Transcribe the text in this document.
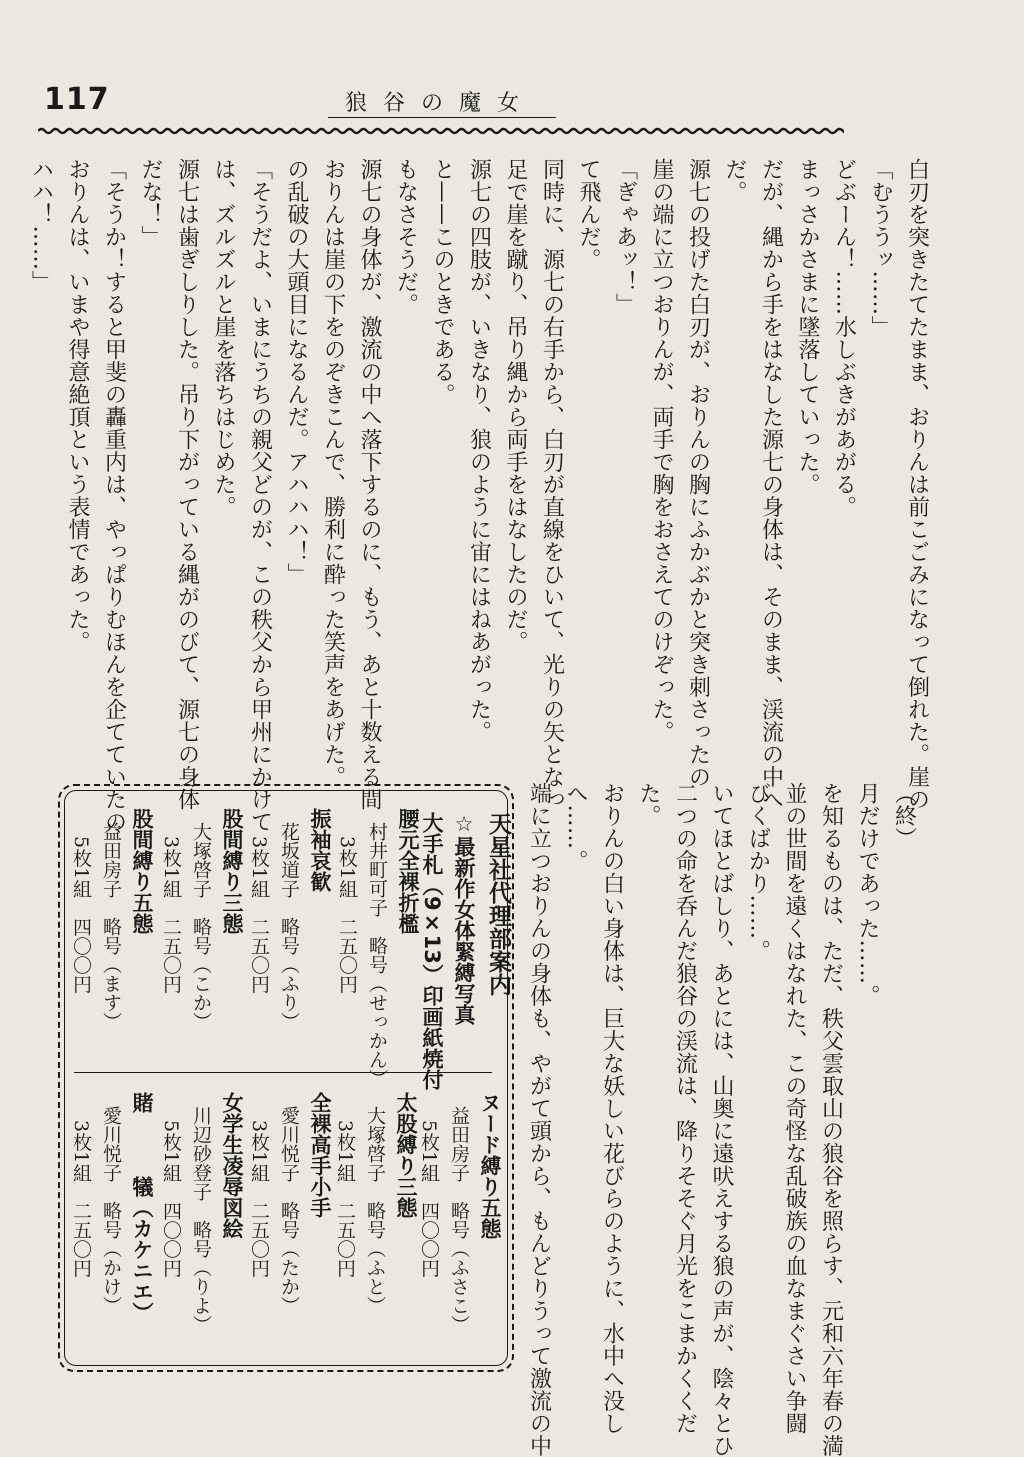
117	狼谷の魔女
白刃を突きたてたまま、おりんは前こごみになって倒れた。崖の
「むううッ……」
どぶーん！……水しぶきがあがる。
まっさかさまに墜落していった。
だが、縄から手をはなした源七の身体は、そのまま、渓流の中へ
だ。
源七の投げた白刃が、おりんの胸にふかぶかと突き刺さったの
崖の端に立つおりんが、両手で胸をおさえてのけぞった。
「ぎゃあッ！」
て飛んだ。
同時に、源七の右手から、白刃が直線をひいて、光りの矢となっ
足で崖を蹴り、吊り縄から両手をはなしたのだ。
源七の四肢が、いきなり、狼のように宙にはねあがった。
と——このときである。
もなさそうだ。
源七の身体が、激流の中へ落下するのに、もう、あと十数える間
おりんは崖の下をのぞきこんで、勝利に酔った笑声をあげた。
の乱破の大頭目になるんだ。アハハハ！」
「そうだよ、いまにうちの親父どのが、この秩父から甲州にかけて
は、ズルズルと崖を落ちはじめた。
源七は歯ぎしりした。吊り下がっている縄がのびて、源七の身体
だな！」
「そうか！すると甲斐の轟重内は、やっぱりむほんを企てていたの
おりんは、いまや得意絶頂という表情であった。
ハハ！……」
（終）
月だけであった……。
を知るものは、ただ、秩父雲取山の狼谷を照らす、元和六年春の満
並の世間を遠くはなれた、この奇怪な乱破族の血なまぐさい争闘
びくばかり……。
いてほとばしり、あとには、山奥に遠吠えする狼の声が、陰々とひ
二つの命を呑んだ狼谷の渓流は、降りそそぐ月光をこまかくくだ
た。
おりんの白い身体は、巨大な妖しい花びらのように、水中へ没し
へ……。
端に立つおりんの身体も、やがて頭から、もんどりうって激流の中
天星社代理部案内
☆最新作女体緊縛写真
大手札（9×13）印画紙焼付
腰元全裸折檻
村井町可子　略号（せっかん）
3枚1組　二五〇円
振袖哀歓
花坂道子　略号（ふり）
3枚1組　二五〇円
股間縛り三態
大塚啓子　略号（こか）
3枚1組　二五〇円
股間縛り五態
益田房子　略号（ます）
5枚1組　四〇〇円
ヌード縛り五態
益田房子　略号（ふさこ）
5枚1組　四〇〇円
太股縛り三態
大塚啓子　略号（ふと）
3枚1組　二五〇円
全裸高手小手
愛川悦子　略号（たか）
3枚1組　二五〇円
女学生凌辱図絵
川辺砂登子　略号（りよ）
5枚1組　四〇〇円
賭　　　犠（カケニエ）
愛川悦子　略号（かけ）
3枚1組　二五〇円
